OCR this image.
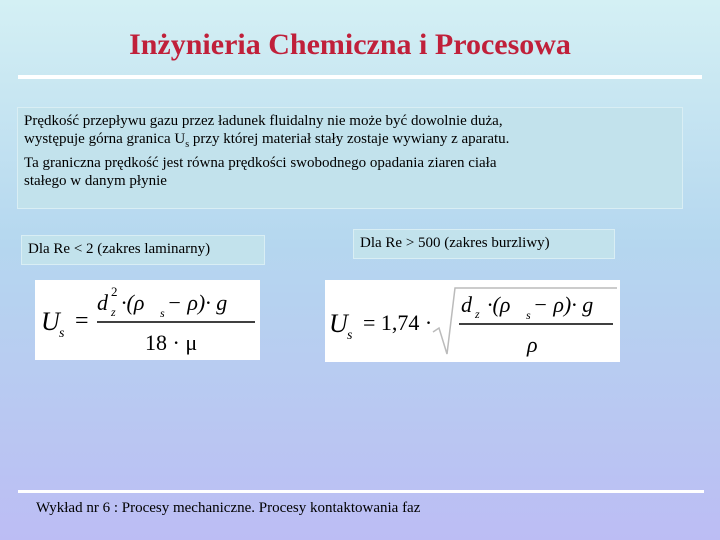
Inżynieria Chemiczna i Procesowa

Prędkość przepływu gazu przez ładunek fluidalny nie może być dowolnie duża,

występuje górna granica $U_s$ przy której materiał stały zostaje wywiany z aparatu.

Ta graniczna prędkość jest równa prędkości swobodnego opadania ziaren ciała

stałego w danym płynie

Dla Re < 2 (zakres laminarny)	Dla Re > 500 (zakres burzliwy)
U s =
d 2
z ·(ρ s − ρ)· g
18 · μ
U s
= 1,74 ·
d z ·(ρ s − ρ)· g
ρ
Wykład nr 6 : Procesy mechaniczne. Procesy kontaktowania faz
